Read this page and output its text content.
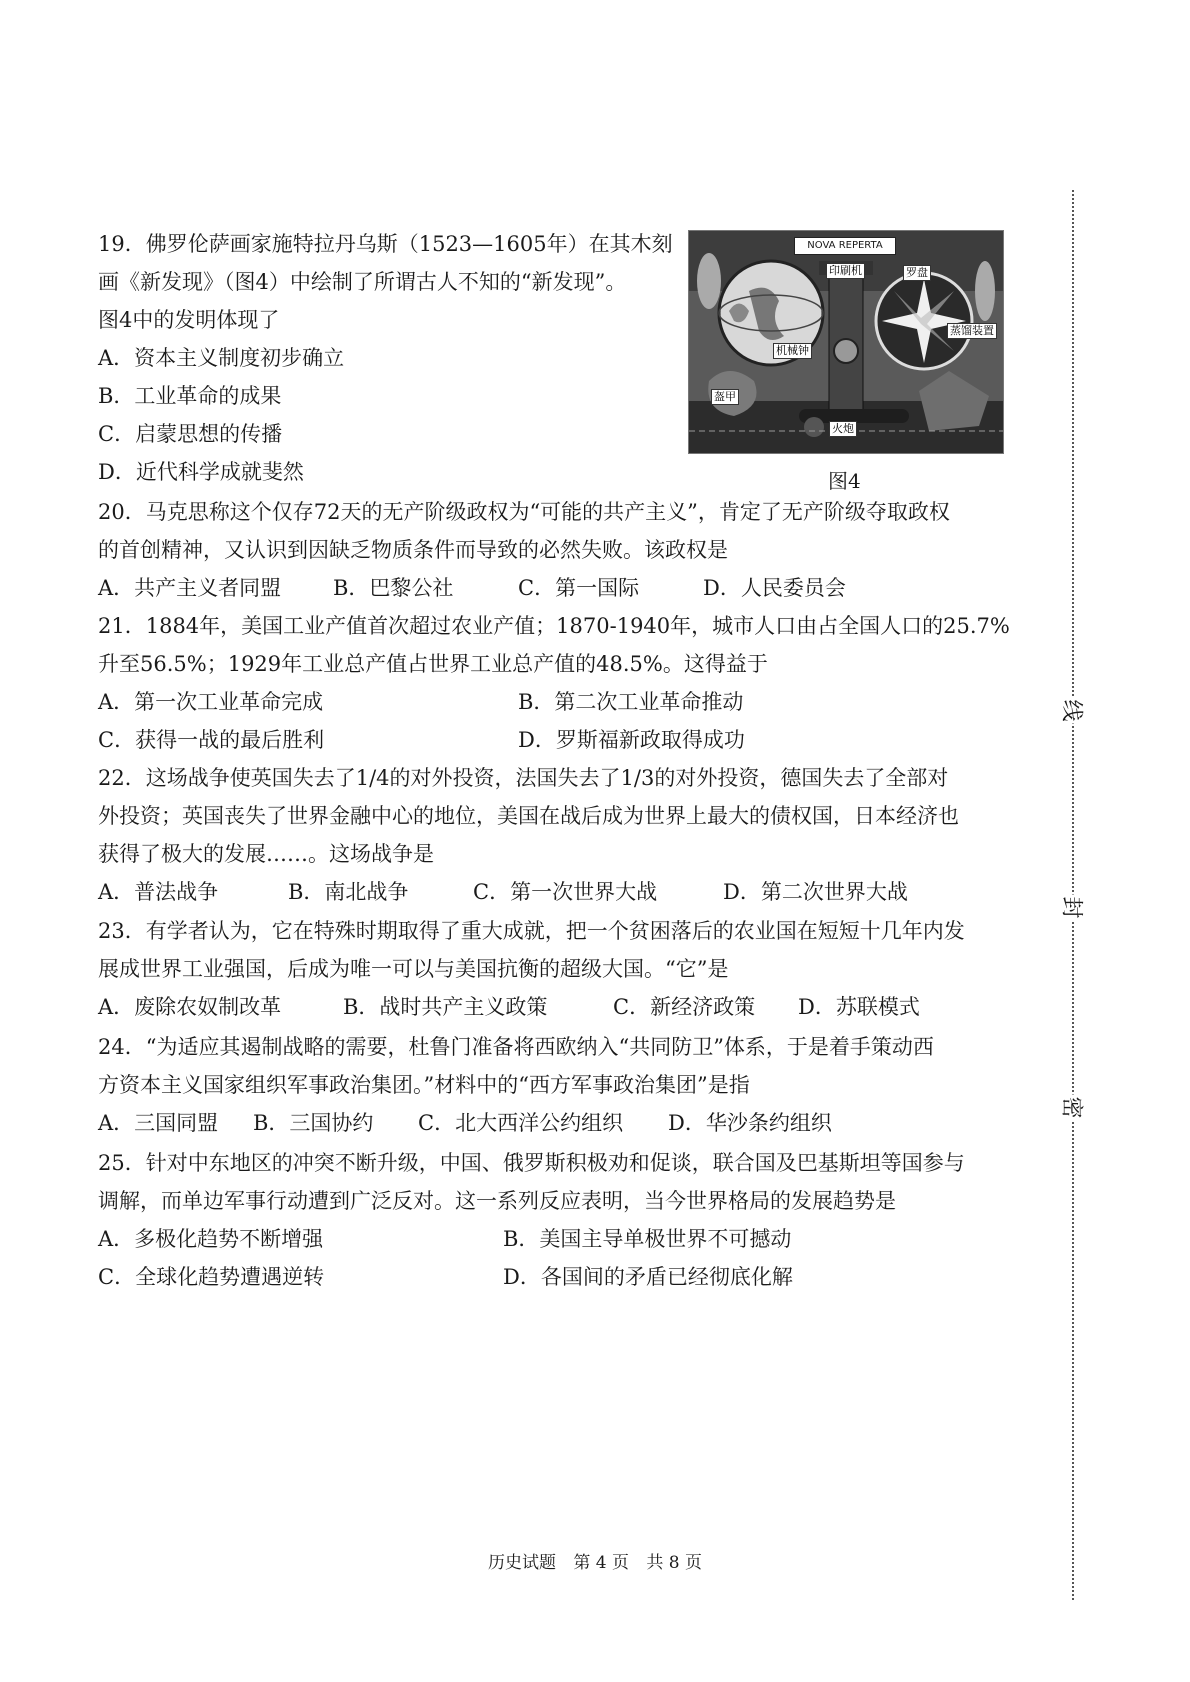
19．佛罗伦萨画家施特拉丹乌斯（1523—1605年）在其木刻

画《新发现》（图4）中绘制了所谓古人不知的“新发现”。

图4中的发明体现了

A．资本主义制度初步确立

B．工业革命的成果

C．启蒙思想的传播

D．近代科学成就斐然

NOVA REPERTA
印刷机	罗盘
蒸馏装置
机械钟
盔甲
火炮
图4

20．马克思称这个仅存72天的无产阶级政权为“可能的共产主义”，肯定了无产阶级夺取政权

的首创精神，又认识到因缺乏物质条件而导致的必然失败。该政权是

A．共产主义者同盟	B．巴黎公社	C．第一国际	D．人民委员会

21．1884年，美国工业产值首次超过农业产值；1870-1940年，城市人口由占全国人口的25.7%

升至56.5%；1929年工业总产值占世界工业总产值的48.5%。这得益于

A．第一次工业革命完成	B．第二次工业革命推动
C．获得一战的最后胜利	D．罗斯福新政取得成功

22．这场战争使英国失去了1/4的对外投资，法国失去了1/3的对外投资，德国失去了全部对

外投资；英国丧失了世界金融中心的地位，美国在战后成为世界上最大的债权国，日本经济也

获得了极大的发展……。这场战争是

A．普法战争	B．南北战争	C．第一次世界大战	D．第二次世界大战

23．有学者认为，它在特殊时期取得了重大成就，把一个贫困落后的农业国在短短十几年内发

展成世界工业强国，后成为唯一可以与美国抗衡的超级大国。“它”是

A．废除农奴制改革	B．战时共产主义政策	C．新经济政策	D．苏联模式

24．“为适应其遏制战略的需要，杜鲁门准备将西欧纳入“共同防卫”体系，于是着手策动西

方资本主义国家组织军事政治集团。”材料中的“西方军事政治集团”是指

A．三国同盟	B．三国协约	C．北大西洋公约组织	D．华沙条约组织

25．针对中东地区的冲突不断升级，中国、俄罗斯积极劝和促谈，联合国及巴基斯坦等国参与

调解，而单边军事行动遭到广泛反对。这一系列反应表明，当今世界格局的发展趋势是

A．多极化趋势不断增强	B．美国主导单极世界不可撼动
C．全球化趋势遭遇逆转	D．各国间的矛盾已经彻底化解
历史试题 第 4 页 共 8 页
线
封
密
